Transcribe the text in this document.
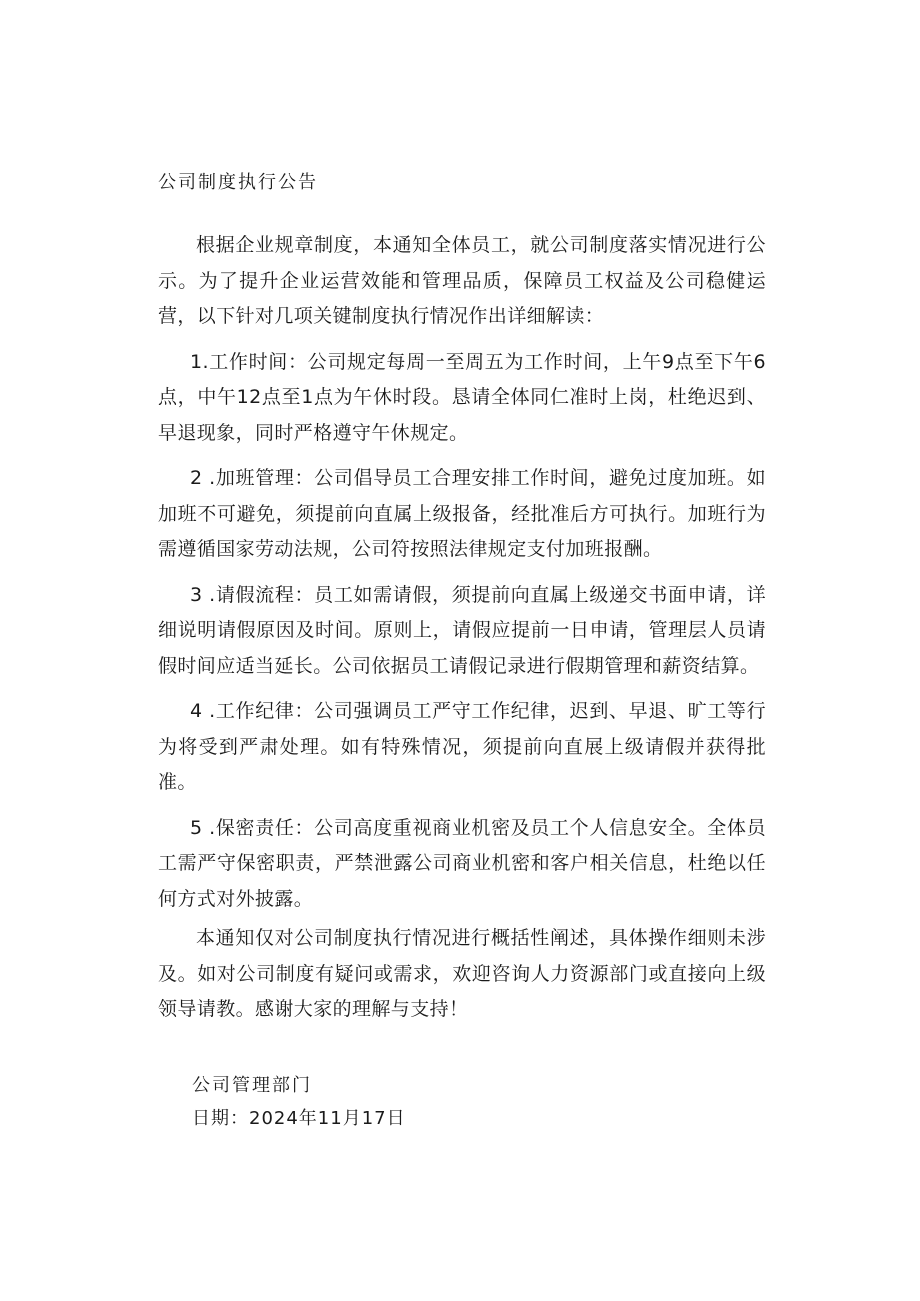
公司制度执行公告

根据企业规章制度，本通知全体员工，就公司制度落实情况进行公示。为了提升企业运营效能和管理品质，保障员工权益及公司稳健运营，以下针对几项关键制度执行情况作出详细解读：

1.工作时间：公司规定每周一至周五为工作时间，上午9点至下午6点，中午12点至1点为午休时段。恳请全体同仁准时上岗，杜绝迟到、早退现象，同时严格遵守午休规定。

2 .加班管理：公司倡导员工合理安排工作时间，避免过度加班。如加班不可避免，须提前向直属上级报备，经批准后方可执行。加班行为需遵循国家劳动法规，公司符按照法律规定支付加班报酬。

3 .请假流程：员工如需请假，须提前向直属上级递交书面申请，详细说明请假原因及时间。原则上，请假应提前一日申请，管理层人员请假时间应适当延长。公司依据员工请假记录进行假期管理和薪资结算。

4 .工作纪律：公司强调员工严守工作纪律，迟到、早退、旷工等行为将受到严肃处理。如有特殊情况，须提前向直展上级请假并获得批准。

5 .保密责任：公司高度重视商业机密及员工个人信息安全。全体员工需严守保密职责，严禁泄露公司商业机密和客户相关信息，杜绝以任何方式对外披露。

本通知仅对公司制度执行情况进行概括性阐述，具体操作细则未涉及。如对公司制度有疑问或需求，欢迎咨询人力资源部门或直接向上级领导请教。感谢大家的理解与支持！

公司管理部门
日期：2024年11月17日
